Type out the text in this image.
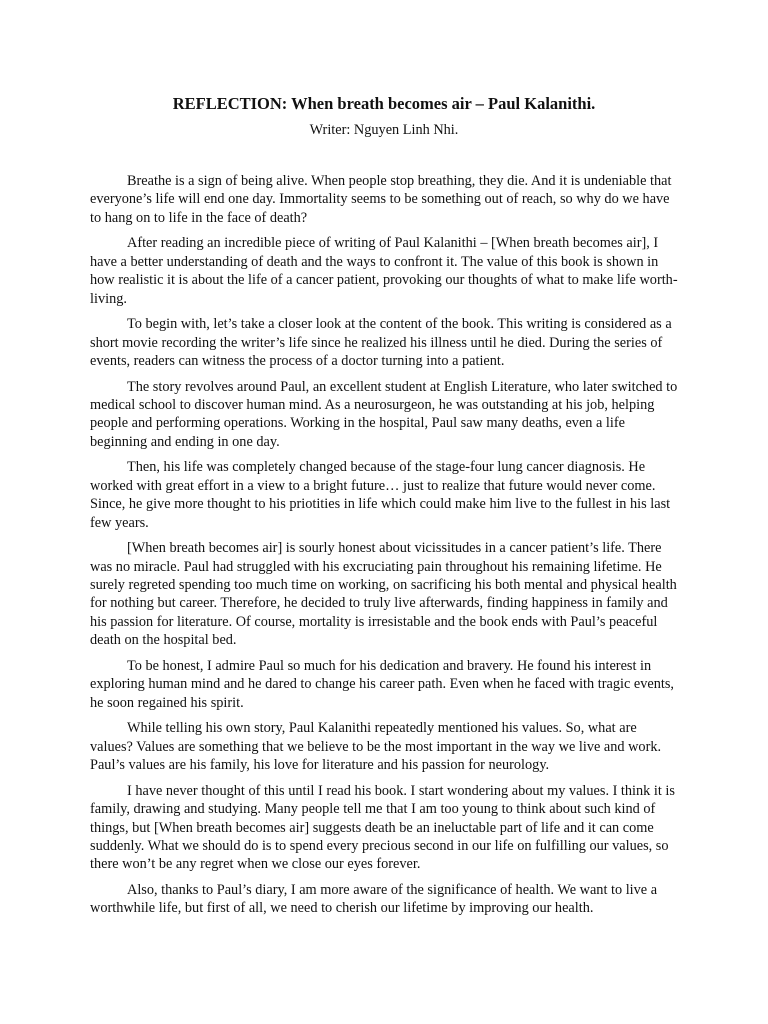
REFLECTION: When breath becomes air – Paul Kalanithi.
Writer: Nguyen Linh Nhi.

Breathe is a sign of being alive. When people stop breathing, they die. And it is undeniable that everyone’s life will end one day. Immortality seems to be something out of reach, so why do we have to hang on to life in the face of death?

After reading an incredible piece of writing of Paul Kalanithi – [When breath becomes air], I have a better understanding of death and the ways to confront it. The value of this book is shown in how realistic it is about the life of a cancer patient, provoking our thoughts of what to make life worth-living.

To begin with, let’s take a closer look at the content of the book. This writing is considered as a short movie recording the writer’s life since he realized his illness until he died. During the series of events, readers can witness the process of a doctor turning into a patient.

The story revolves around Paul, an excellent student at English Literature, who later switched to medical school to discover human mind. As a neurosurgeon, he was outstanding at his job, helping people and performing operations. Working in the hospital, Paul saw many deaths, even a life beginning and ending in one day.

Then, his life was completely changed because of the stage-four lung cancer diagnosis. He worked with great effort in a view to a bright future… just to realize that future would never come. Since, he give more thought to his priotities in life which could make him live to the fullest in his last few years.

[When breath becomes air] is sourly honest about vicissitudes in a cancer patient’s life. There was no miracle. Paul had struggled with his excruciating pain throughout his remaining lifetime. He surely regreted spending too much time on working, on sacrificing his both mental and physical health for nothing but career. Therefore, he decided to truly live afterwards, finding happiness in family and his passion for literature. Of course, mortality is irresistable and the book ends with Paul’s peaceful death on the hospital bed.

To be honest, I admire Paul so much for his dedication and bravery. He found his interest in exploring human mind and he dared to change his career path. Even when he faced with tragic events, he soon regained his spirit.

While telling his own story, Paul Kalanithi repeatedly mentioned his values. So, what are values? Values are something that we believe to be the most important in the way we live and work. Paul’s values are his family, his love for literature and his passion for neurology.

I have never thought of this until I read his book. I start wondering about my values. I think it is family, drawing and studying. Many people tell me that I am too young to think about such kind of things, but [When breath becomes air] suggests death be an ineluctable part of life and it can come suddenly. What we should do is to spend every precious second in our life on fulfilling our values, so there won’t be any regret when we close our eyes forever.

Also, thanks to Paul’s diary, I am more aware of the significance of health. We want to live a worthwhile life, but first of all, we need to cherish our lifetime by improving our health.
